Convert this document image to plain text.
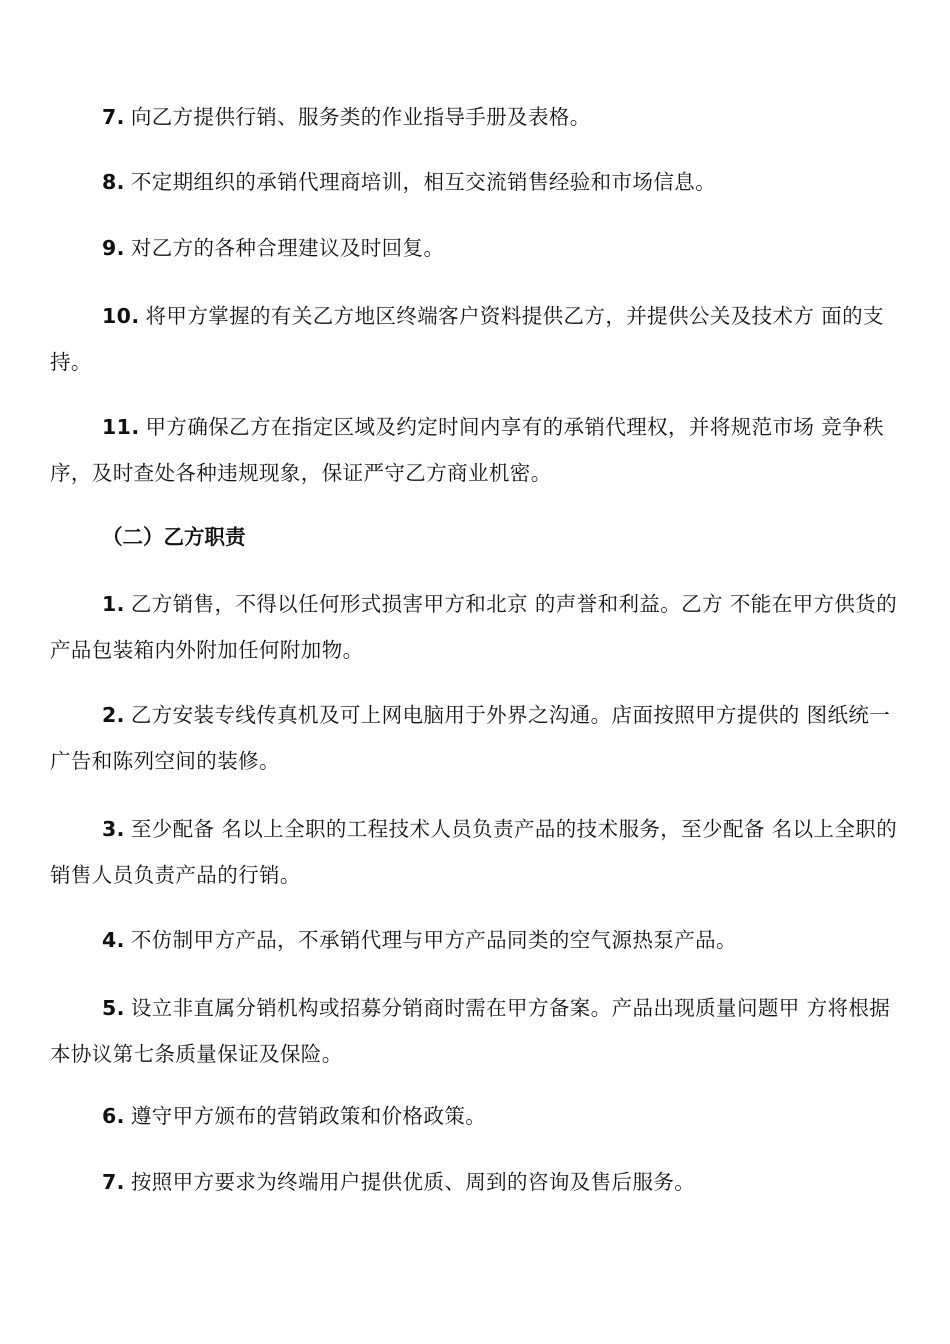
7. 向乙方提供行销、服务类的作业指导手册及表格。

8. 不定期组织的承销代理商培训，相互交流销售经验和市场信息。

9. 对乙方的各种合理建议及时回复。

10. 将甲方掌握的有关乙方地区终端客户资料提供乙方，并提供公关及技术方 面的支持。

11. 甲方确保乙方在指定区域及约定时间内享有的承销代理权，并将规范市场 竞争秩序，及时查处各种违规现象，保证严守乙方商业机密。

（二）乙方职责

1. 乙方销售，不得以任何形式损害甲方和北京 的声誉和利益。乙方 不能在甲方供货的产品包装箱内外附加任何附加物。

2. 乙方安装专线传真机及可上网电脑用于外界之沟通。店面按照甲方提供的 图纸统一广告和陈列空间的装修。

3. 至少配备 名以上全职的工程技术人员负责产品的技术服务，至少配备 名以上全职的销售人员负责产品的行销。

4. 不仿制甲方产品，不承销代理与甲方产品同类的空气源热泵产品。

5. 设立非直属分销机构或招募分销商时需在甲方备案。产品出现质量问题甲 方将根据本协议第七条质量保证及保险。

6. 遵守甲方颁布的营销政策和价格政策。

7. 按照甲方要求为终端用户提供优质、周到的咨询及售后服务。
